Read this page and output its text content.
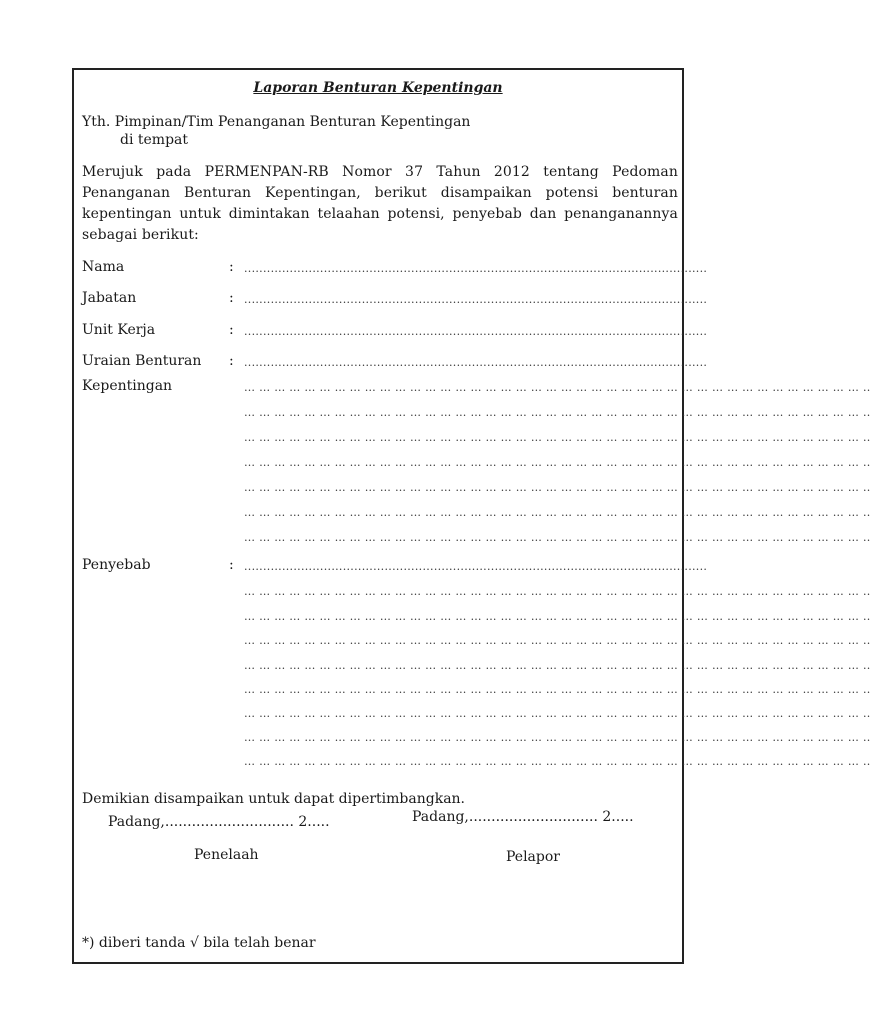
Laporan Benturan Kepentingan
Yth. Pimpinan/Tim Penanganan Benturan Kepentingan
di tempat
Merujuk pada PERMENPAN-RB Nomor 37 Tahun 2012 tentang Pedoman Penanganan Benturan Kepentingan, berikut disampaikan potensi benturan kepentingan untuk dimintakan telaahan potensi, penyebab dan penanganannya sebagai berikut:
Nama	: ..........................................................................................................................
Jabatan	: ..........................................................................................................................
Unit Kerja	: ..........................................................................................................................
Uraian Benturan
Kepentingan
: ..........................................................................................................................
… … … … … … … … … … … … … … … … … … … … … … … … … … … … … … … … … … … … … … … … … ..
… … … … … … … … … … … … … … … … … … … … … … … … … … … … … … … … … … … … … … … … … ..
… … … … … … … … … … … … … … … … … … … … … … … … … … … … … … … … … … … … … … … … … ..
… … … … … … … … … … … … … … … … … … … … … … … … … … … … … … … … … … … … … … … … … ..
… … … … … … … … … … … … … … … … … … … … … … … … … … … … … … … … … … … … … … … … … ..
… … … … … … … … … … … … … … … … … … … … … … … … … … … … … … … … … … … … … … … … … ..
… … … … … … … … … … … … … … … … … … … … … … … … … … … … … … … … … … … … … … … … … ..
Penyebab	: ..........................................................................................................................
… … … … … … … … … … … … … … … … … … … … … … … … … … … … … … … … … … … … … … … … … ..
… … … … … … … … … … … … … … … … … … … … … … … … … … … … … … … … … … … … … … … … … ..
… … … … … … … … … … … … … … … … … … … … … … … … … … … … … … … … … … … … … … … … … ..
… … … … … … … … … … … … … … … … … … … … … … … … … … … … … … … … … … … … … … … … … ..
… … … … … … … … … … … … … … … … … … … … … … … … … … … … … … … … … … … … … … … … … ..
… … … … … … … … … … … … … … … … … … … … … … … … … … … … … … … … … … … … … … … … … ..
… … … … … … … … … … … … … … … … … … … … … … … … … … … … … … … … … … … … … … … … … ..
… … … … … … … … … … … … … … … … … … … … … … … … … … … … … … … … … … … … … … … … … ..
Demikian disampaikan untuk dapat dipertimbangkan.
Padang,............................. 2.....	Padang,............................. 2.....
Penelaah	Pelapor
*) diberi tanda √ bila telah benar
